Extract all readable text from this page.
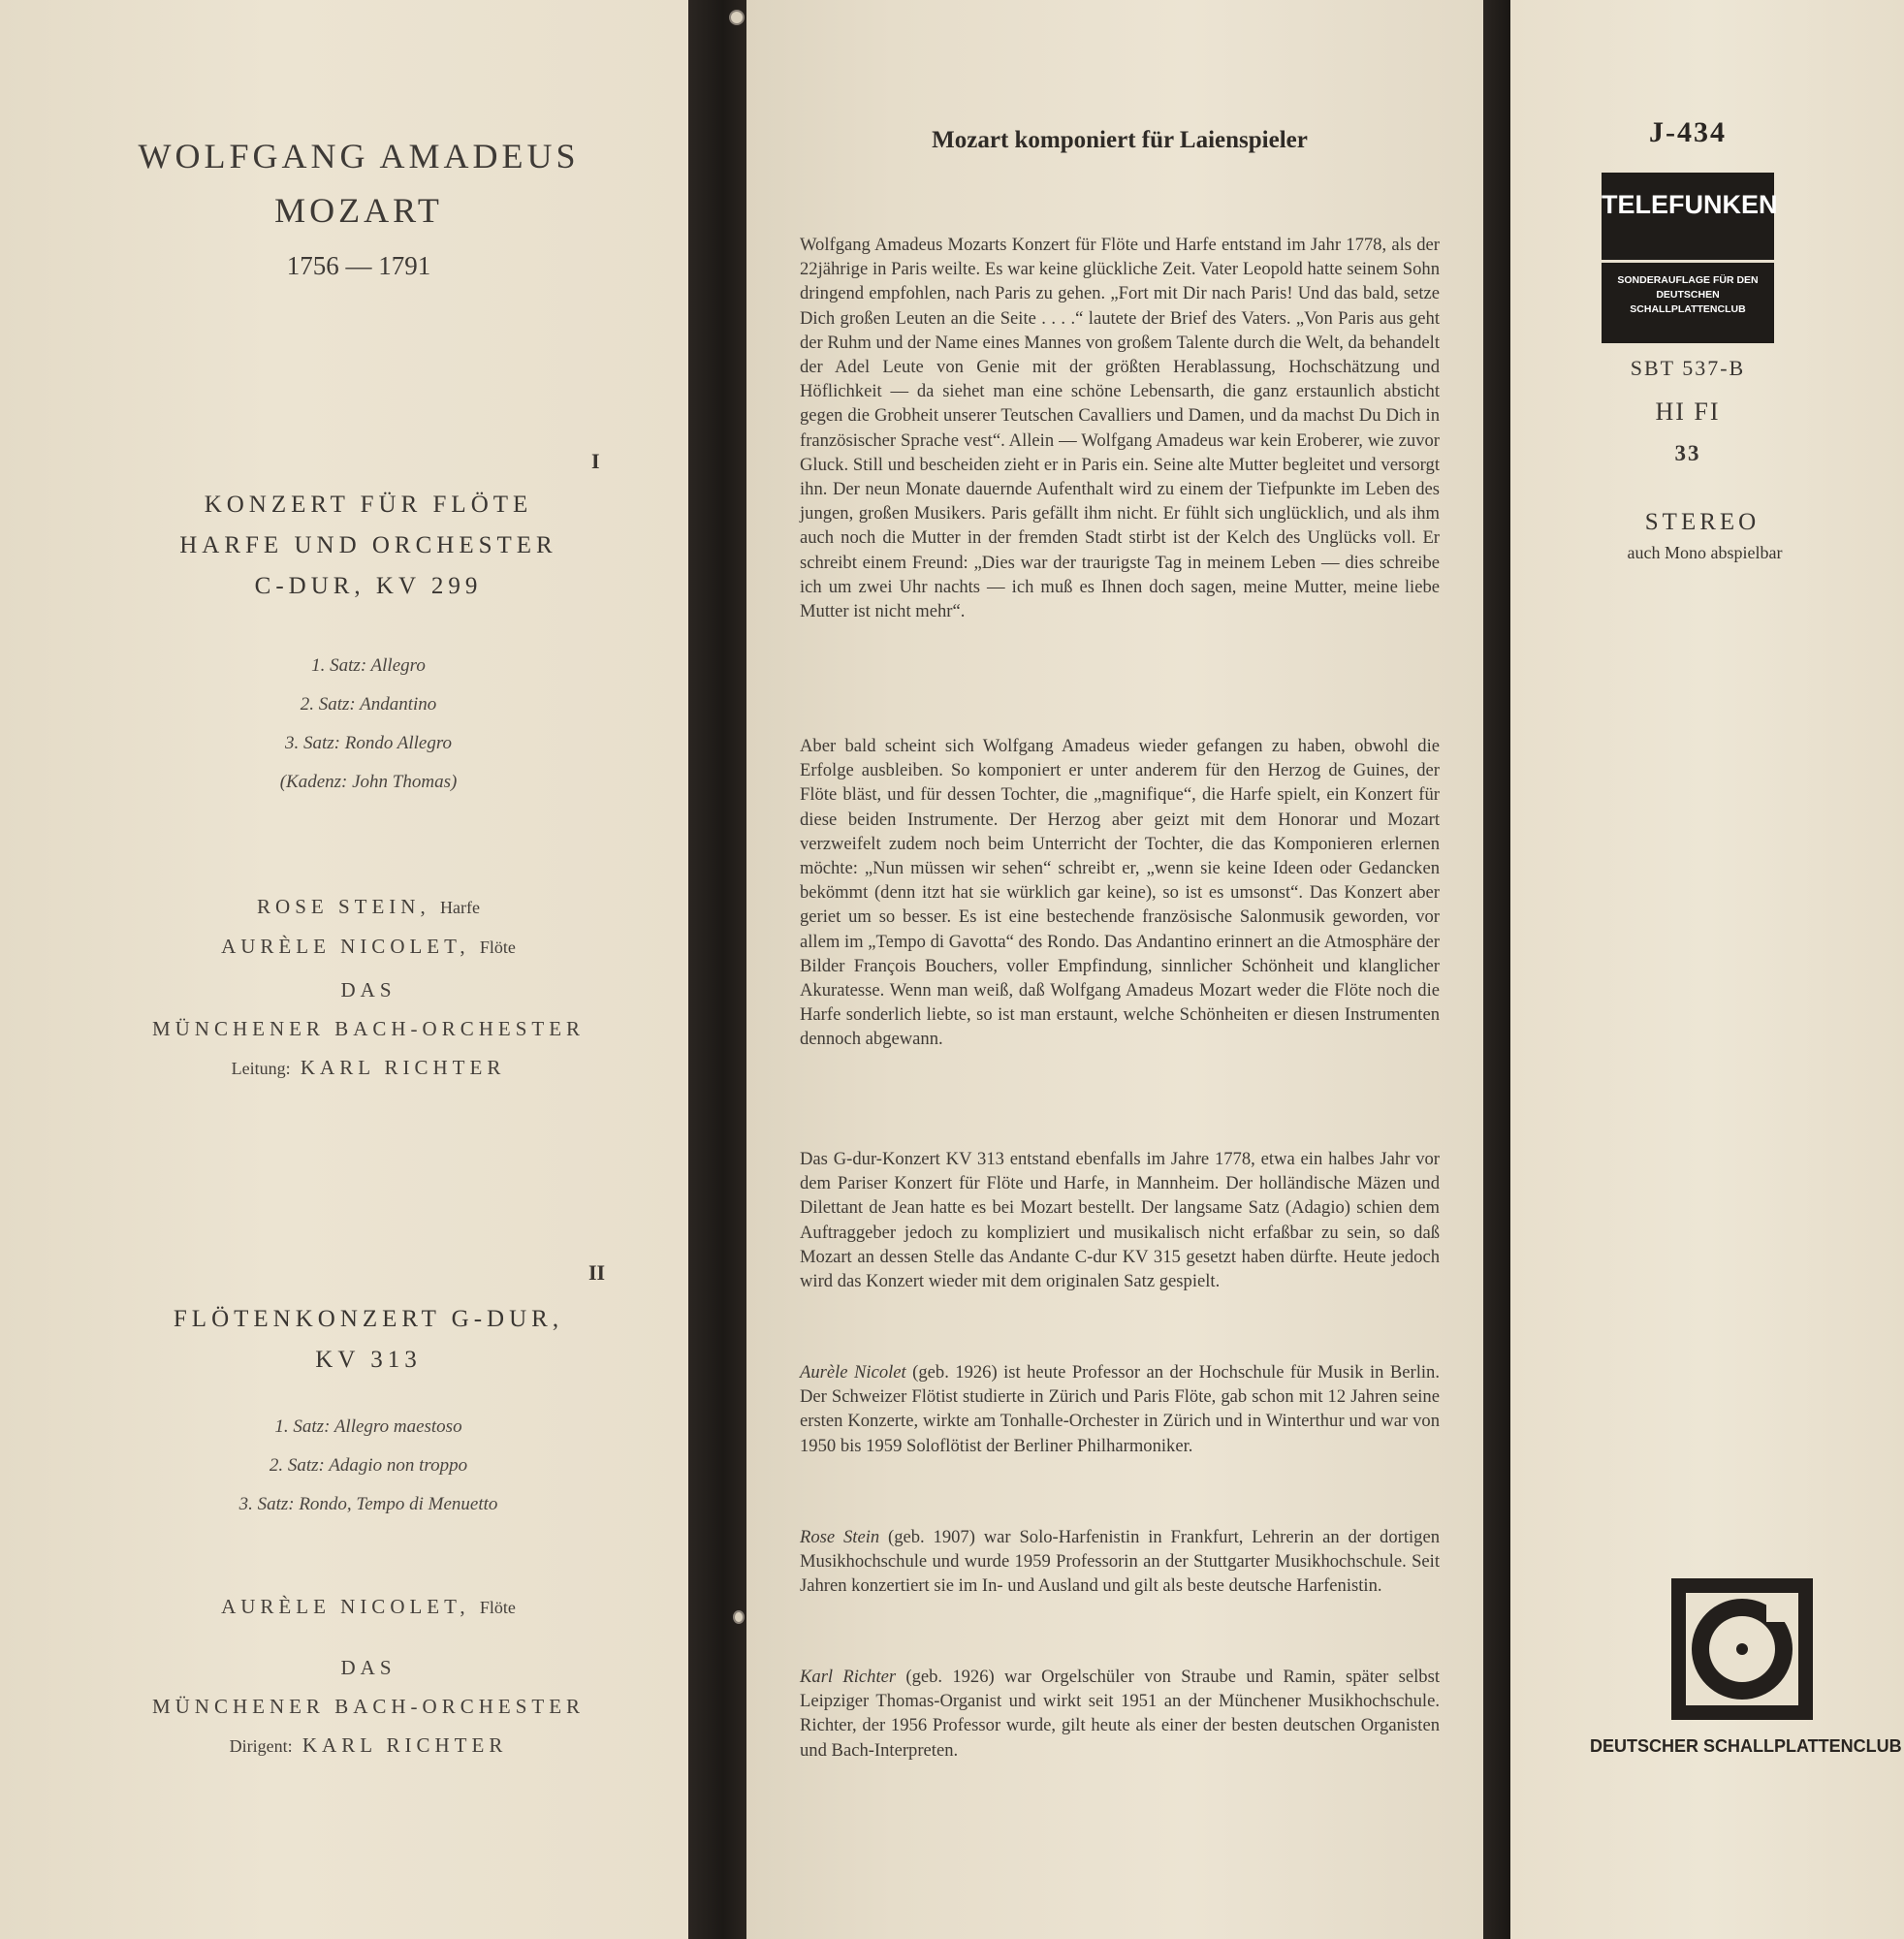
WOLFGANG AMADEUS
MOZART
1756 — 1791
I
KONZERT FÜR FLÖTE
HARFE UND ORCHESTER
C-DUR, KV 299
1. Satz: Allegro
2. Satz: Andantino
3. Satz: Rondo Allegro
(Kadenz: John Thomas)
ROSE STEIN, Harfe
AURÈLE NICOLET, Flöte
DAS
MÜNCHENER BACH-ORCHESTER
Leitung: KARL RICHTER
II
FLÖTENKONZERT G-DUR,
KV 313
1. Satz: Allegro maestoso
2. Satz: Adagio non troppo
3. Satz: Rondo, Tempo di Menuetto
AURÈLE NICOLET, Flöte
DAS
MÜNCHENER BACH-ORCHESTER
Dirigent: KARL RICHTER
Mozart komponiert für Laienspieler
Wolfgang Amadeus Mozarts Konzert für Flöte und Harfe entstand im Jahr 1778, als der 22jährige in Paris weilte. Es war keine glückliche Zeit. Vater Leopold hatte seinem Sohn dringend empfohlen, nach Paris zu gehen. „Fort mit Dir nach Paris! Und das bald, setze Dich großen Leuten an die Seite . . . .“ lautete der Brief des Vaters. „Von Paris aus geht der Ruhm und der Name eines Mannes von großem Talente durch die Welt, da behandelt der Adel Leute von Genie mit der größten Herablassung, Hochschätzung und Höflichkeit — da siehet man eine schöne Lebensarth, die ganz erstaunlich absticht gegen die Grobheit unserer Teutschen Cavalliers und Damen, und da machst Du Dich in französischer Sprache vest“. Allein — Wolfgang Amadeus war kein Eroberer, wie zuvor Gluck. Still und bescheiden zieht er in Paris ein. Seine alte Mutter begleitet und versorgt ihn. Der neun Monate dauernde Aufenthalt wird zu einem der Tiefpunkte im Leben des jungen, großen Musikers. Paris gefällt ihm nicht. Er fühlt sich unglücklich, und als ihm auch noch die Mutter in der fremden Stadt stirbt ist der Kelch des Unglücks voll. Er schreibt einem Freund: „Dies war der traurigste Tag in meinem Leben — dies schreibe ich um zwei Uhr nachts — ich muß es Ihnen doch sagen, meine Mutter, meine liebe Mutter ist nicht mehr“.
Aber bald scheint sich Wolfgang Amadeus wieder gefangen zu haben, obwohl die Erfolge ausbleiben. So komponiert er unter anderem für den Herzog de Guines, der Flöte bläst, und für dessen Tochter, die „magnifique“, die Harfe spielt, ein Konzert für diese beiden Instrumente. Der Herzog aber geizt mit dem Honorar und Mozart verzweifelt zudem noch beim Unterricht der Tochter, die das Komponieren erlernen möchte: „Nun müssen wir sehen“ schreibt er, „wenn sie keine Ideen oder Gedancken bekömmt (denn itzt hat sie würklich gar keine), so ist es umsonst“. Das Konzert aber geriet um so besser. Es ist eine bestechende französische Salonmusik geworden, vor allem im „Tempo di Gavotta“ des Rondo. Das Andantino erinnert an die Atmosphäre der Bilder François Bouchers, voller Empfindung, sinnlicher Schönheit und klanglicher Akuratesse. Wenn man weiß, daß Wolfgang Amadeus Mozart weder die Flöte noch die Harfe sonderlich liebte, so ist man erstaunt, welche Schönheiten er diesen Instrumenten dennoch abgewann.
Das G-dur-Konzert KV 313 entstand ebenfalls im Jahre 1778, etwa ein halbes Jahr vor dem Pariser Konzert für Flöte und Harfe, in Mannheim. Der holländische Mäzen und Dilettant de Jean hatte es bei Mozart bestellt. Der langsame Satz (Adagio) schien dem Auftraggeber jedoch zu kompliziert und musikalisch nicht erfaßbar zu sein, so daß Mozart an dessen Stelle das Andante C-dur KV 315 gesetzt haben dürfte. Heute jedoch wird das Konzert wieder mit dem originalen Satz gespielt.
Aurèle Nicolet (geb. 1926) ist heute Professor an der Hochschule für Musik in Berlin. Der Schweizer Flötist studierte in Zürich und Paris Flöte, gab schon mit 12 Jahren seine ersten Konzerte, wirkte am Tonhalle-Orchester in Zürich und in Winterthur und war von 1950 bis 1959 Soloflötist der Berliner Philharmoniker.
Rose Stein (geb. 1907) war Solo-Harfenistin in Frankfurt, Lehrerin an der dortigen Musikhochschule und wurde 1959 Professorin an der Stuttgarter Musikhochschule. Seit Jahren konzertiert sie im In- und Ausland und gilt als beste deutsche Harfenistin.
Karl Richter (geb. 1926) war Orgelschüler von Straube und Ramin, später selbst Leipziger Thomas-Organist und wirkt seit 1951 an der Münchener Musikhochschule. Richter, der 1956 Professor wurde, gilt heute als einer der besten deutschen Organisten und Bach-Interpreten.
J-434
TELEFUNKEN
SONDERAUFLAGE FÜR DEN DEUTSCHEN SCHALLPLATTENCLUB
SBT 537-B
HI FI
33
STEREO
auch Mono abspielbar
DEUTSCHER SCHALLPLATTENCLUB
